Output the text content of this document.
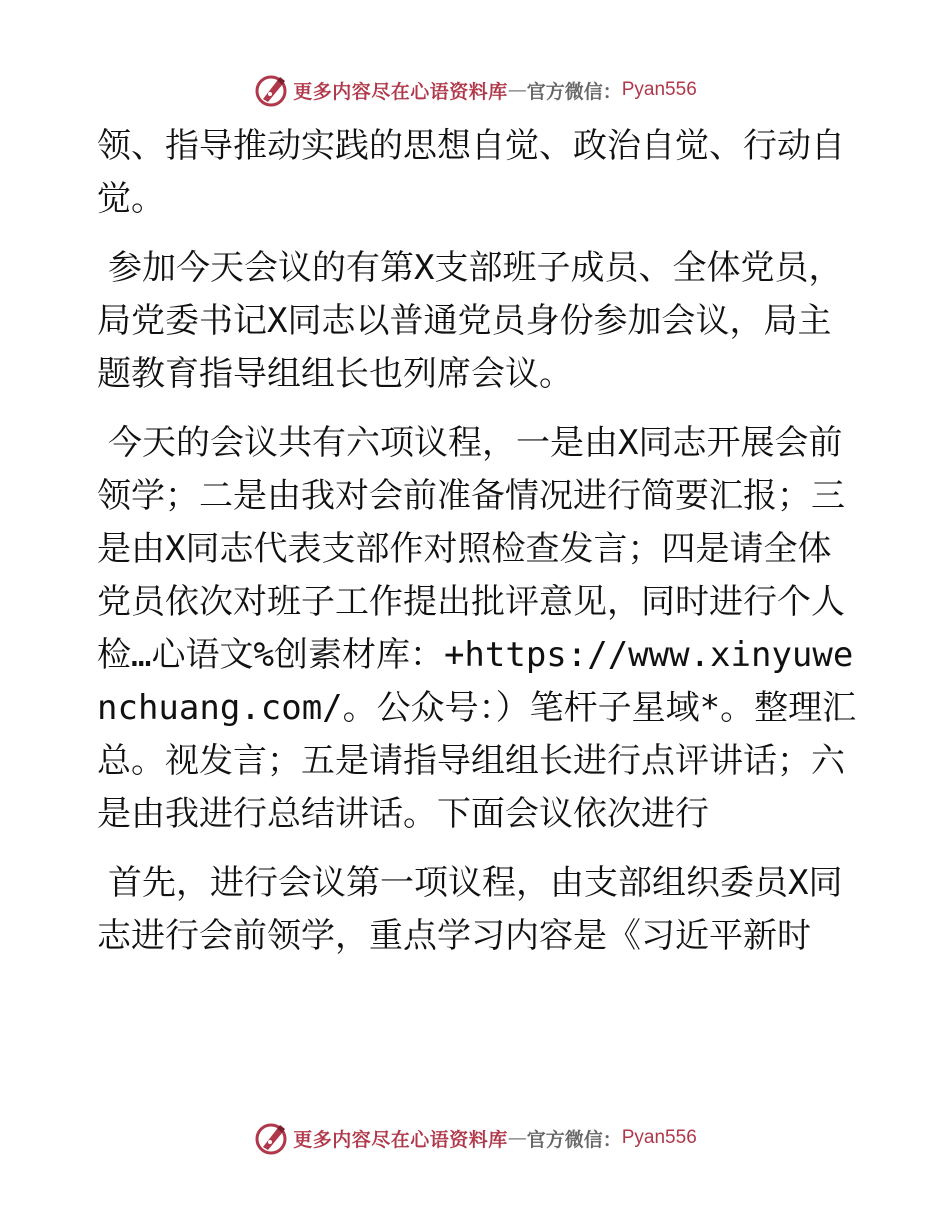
更多内容尽在心语资料库 — 官方微信： Pyan556

领、指导推动实践的思想自觉、政治自觉、行动自觉。

参加今天会议的有第X支部班子成员、全体党员，局党委书记X同志以普通党员身份参加会议，局主题教育指导组组长也列席会议。

今天的会议共有六项议程，一是由X同志开展会前领学；二是由我对会前准备情况进行简要汇报；三是由X同志代表支部作对照检查发言；四是请全体党员依次对班子工作提出批评意见，同时进行个人检…心语文%创素材库：+https://www.xinyuwenchuang.com/。公众号：）笔杆子星域*。整理汇总。视发言；五是请指导组组长进行点评讲话；六是由我进行总结讲话。下面会议依次进行

首先，进行会议第一项议程，由支部组织委员X同志进行会前领学，重点学习内容是《习近平新时

更多内容尽在心语资料库 — 官方微信： Pyan556
